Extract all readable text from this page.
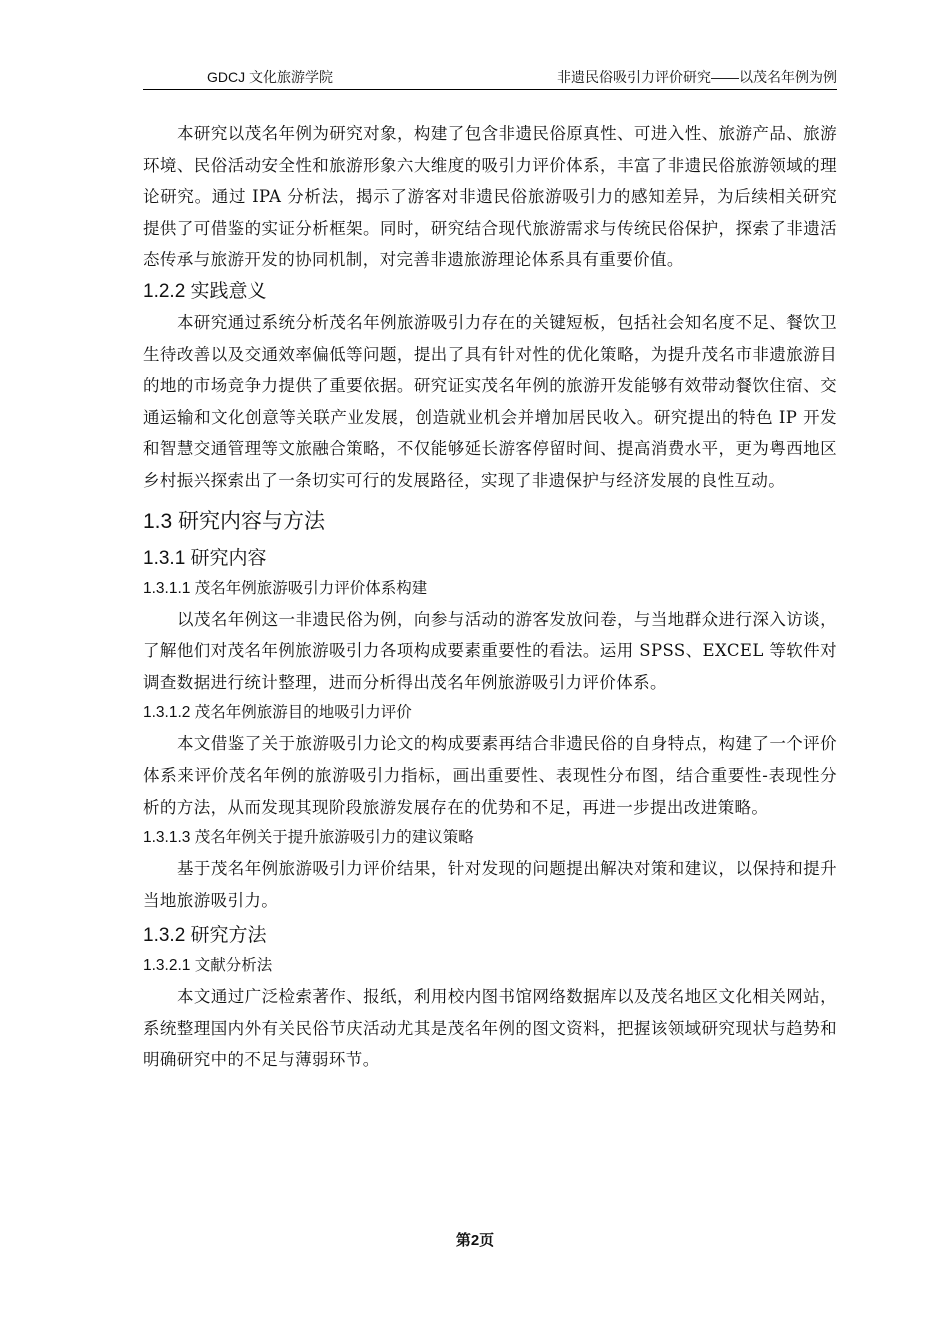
GDCJ 文化旅游学院	非遗民俗吸引力评价研究——以茂名年例为例

本研究以茂名年例为研究对象，构建了包含非遗民俗原真性、可进入性、旅游产品、旅游环境、民俗活动安全性和旅游形象六大维度的吸引力评价体系，丰富了非遗民俗旅游领域的理论研究。通过 IPA 分析法，揭示了游客对非遗民俗旅游吸引力的感知差异，为后续相关研究提供了可借鉴的实证分析框架。同时，研究结合现代旅游需求与传统民俗保护，探索了非遗活态传承与旅游开发的协同机制，对完善非遗旅游理论体系具有重要价值。

1.2.2 实践意义

本研究通过系统分析茂名年例旅游吸引力存在的关键短板，包括社会知名度不足、餐饮卫生待改善以及交通效率偏低等问题，提出了具有针对性的优化策略，为提升茂名市非遗旅游目的地的市场竞争力提供了重要依据。研究证实茂名年例的旅游开发能够有效带动餐饮住宿、交通运输和文化创意等关联产业发展，创造就业机会并增加居民收入。研究提出的特色 IP 开发和智慧交通管理等文旅融合策略，不仅能够延长游客停留时间、提高消费水平，更为粤西地区乡村振兴探索出了一条切实可行的发展路径，实现了非遗保护与经济发展的良性互动。

1.3 研究内容与方法

1.3.1 研究内容

1.3.1.1 茂名年例旅游吸引力评价体系构建

以茂名年例这一非遗民俗为例，向参与活动的游客发放问卷，与当地群众进行深入访谈，了解他们对茂名年例旅游吸引力各项构成要素重要性的看法。运用 SPSS、EXCEL 等软件对调查数据进行统计整理，进而分析得出茂名年例旅游吸引力评价体系。

1.3.1.2 茂名年例旅游目的地吸引力评价

本文借鉴了关于旅游吸引力论文的构成要素再结合非遗民俗的自身特点，构建了一个评价体系来评价茂名年例的旅游吸引力指标，画出重要性、表现性分布图，结合重要性-表现性分析的方法，从而发现其现阶段旅游发展存在的优势和不足，再进一步提出改进策略。

1.3.1.3 茂名年例关于提升旅游吸引力的建议策略

基于茂名年例旅游吸引力评价结果，针对发现的问题提出解决对策和建议，以保持和提升当地旅游吸引力。

1.3.2 研究方法

1.3.2.1 文献分析法

本文通过广泛检索著作、报纸，利用校内图书馆网络数据库以及茂名地区文化相关网站，系统整理国内外有关民俗节庆活动尤其是茂名年例的图文资料，把握该领域研究现状与趋势和明确研究中的不足与薄弱环节。

第2页
